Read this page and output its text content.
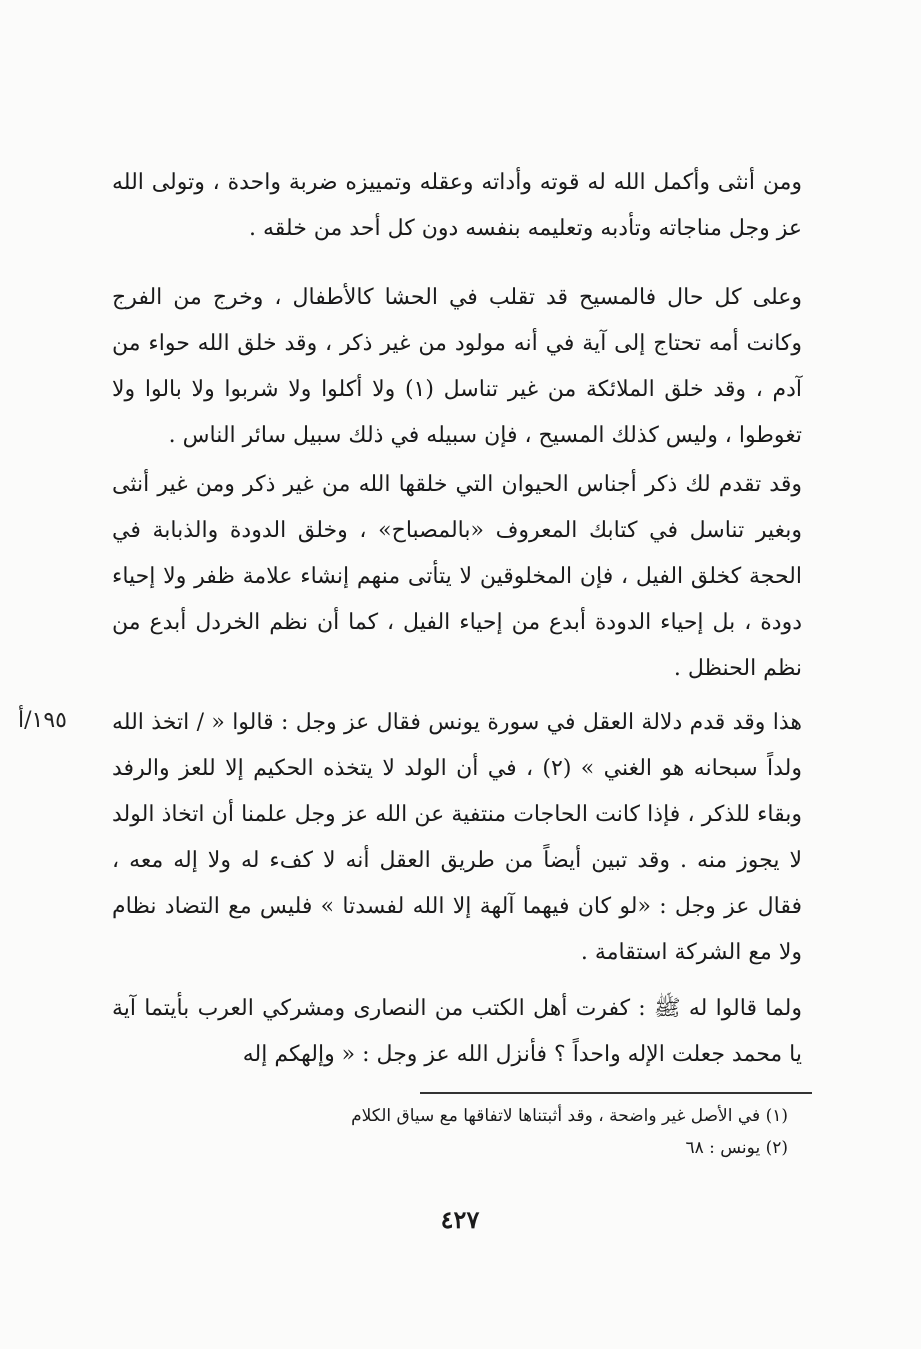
ومن أنثى وأكمل الله له قوته وأداته وعقله وتمييزه ضربة واحدة ، وتولى الله عز وجل مناجاته وتأدبه وتعليمه بنفسه دون كل أحد من خلقه .

وعلى كل حال فالمسيح قد تقلب في الحشا كالأطفال ، وخرج من الفرج وكانت أمه تحتاج إلى آية في أنه مولود من غير ذكر ، وقد خلق الله حواء من آدم ، وقد خلق الملائكة من غير تناسل (١) ولا أكلوا ولا شربوا ولا بالوا ولا تغوطوا ، وليس كذلك المسيح ، فإن سبيله في ذلك سبيل سائر الناس .

وقد تقدم لك ذكر أجناس الحيوان التي خلقها الله من غير ذكر ومن غير أنثى وبغير تناسل في كتابك المعروف «بالمصباح» ، وخلق الدودة والذبابة في الحجة كخلق الفيل ، فإن المخلوقين لا يتأتى منهم إنشاء علامة ظفر ولا إحياء دودة ، بل إحياء الدودة أبدع من إحياء الفيل ، كما أن نظم الخردل أبدع من نظم الحنظل .

هذا وقد قدم دلالة العقل في سورة يونس فقال عز وجل : قالوا « / اتخذ الله ولداً سبحانه هو الغني » (٢) ، في أن الولد لا يتخذه الحكيم إلا للعز والرفد وبقاء للذكر ، فإذا كانت الحاجات منتفية عن الله عز وجل علمنا أن اتخاذ الولد لا يجوز منه . وقد تبين أيضاً من طريق العقل أنه لا كفء له ولا إله معه ، فقال عز وجل : «لو كان فيهما آلهة إلا الله لفسدتا » فليس مع التضاد نظام ولا مع الشركة استقامة .

ولما قالوا له ﷺ : كفرت أهل الكتب من النصارى ومشركي العرب بأيتما آية يا محمد جعلت الإله واحداً ؟ فأنزل الله عز وجل : « وإلهكم إله

١٩٥/أ

(١) في الأصل غير واضحة ، وقد أثبتناها لاتفاقها مع سياق الكلام

(٢) يونس : ٦٨

٤٢٧
